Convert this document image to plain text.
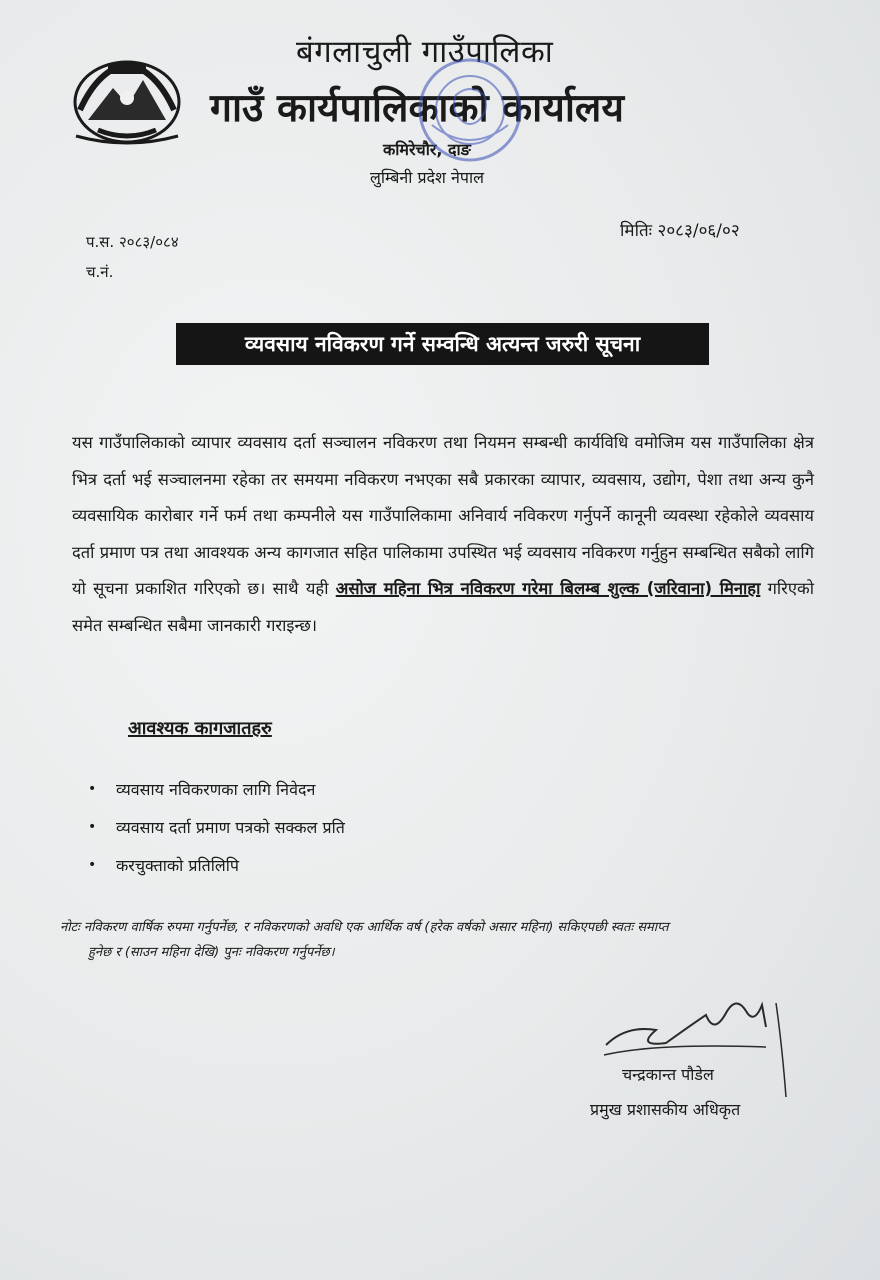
बंगलाचुली गाउँपालिका
गाउँ कार्यपालिकाको कार्यालय
कमिरेचौर, दाङ
लुम्बिनी प्रदेश नेपाल
प.स. २०८३/०८४
च.नं.
मितिः २०८३/०६/०२
व्यवसाय नविकरण गर्ने सम्वन्धि अत्यन्त जरुरी सूचना
यस गाउँपालिकाको व्यापार व्यवसाय दर्ता सञ्चालन नविकरण तथा नियमन सम्बन्धी कार्यविधि वमोजिम यस गाउँपालिका क्षेत्र भित्र दर्ता भई सञ्चालनमा रहेका तर समयमा नविकरण नभएका सबै प्रकारका व्यापार, व्यवसाय, उद्योग, पेशा तथा अन्य कुनै व्यवसायिक कारोबार गर्ने फर्म तथा कम्पनीले यस गाउँपालिकामा अनिवार्य नविकरण गर्नुपर्ने कानूनी व्यवस्था रहेकोले व्यवसाय दर्ता प्रमाण पत्र तथा आवश्यक अन्य कागजात सहित पालिकामा उपस्थित भई व्यवसाय नविकरण गर्नुहुन सम्बन्धित सबैको लागि यो सूचना प्रकाशित गरिएको छ। साथै यही असोज महिना भित्र नविकरण गरेमा बिलम्ब शुल्क (जरिवाना) मिनाहा गरिएको समेत सम्बन्धित सबैमा जानकारी गराइन्छ।
आवश्यक कागजातहरु
•	व्यवसाय नविकरणका लागि निवेदन
•	व्यवसाय दर्ता प्रमाण पत्रको सक्कल प्रति
•	करचुक्ताको प्रतिलिपि
नोटः नविकरण वार्षिक रुपमा गर्नुपर्नेछ, र नविकरणको अवधि एक आर्थिक वर्ष (हरेक वर्षको असार महिना) सकिएपछी स्वतः समाप्त
हुनेछ र (साउन महिना देखि) पुनः नविकरण गर्नुपर्नेछ।
चन्द्रकान्त पौडेल
प्रमुख प्रशासकीय अधिकृत
